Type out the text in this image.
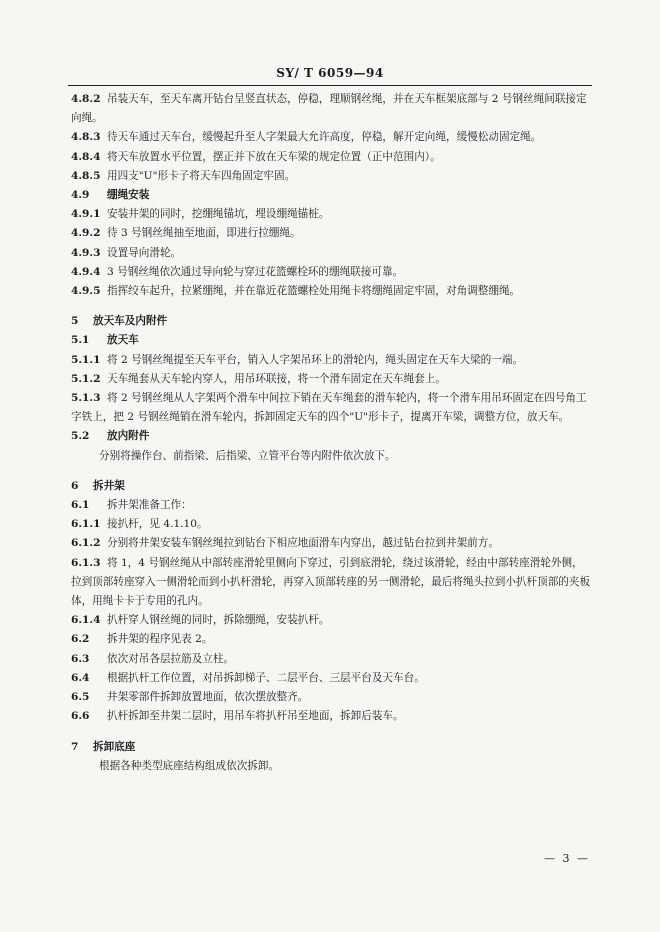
SY/ T 6059—94

4.8.2 吊装天车，至天车离开钻台呈竖直状态，停稳，理顺钢丝绳，并在天车框架底部与 2 号钢丝绳间联接定向绳。

4.8.3 待天车通过天车台，缓慢起升至人字架最大允许高度，停稳，解开定向绳，缓慢松动固定绳。

4.8.4 将天车放置水平位置，摆正并下放在天车梁的规定位置（正中范围内）。

4.8.5 用四支"U"形卡子将天车四角固定牢固。

4.9 绷绳安装

4.9.1 安装井架的同时，挖绷绳锚坑，埋设绷绳锚桩。

4.9.2 待 3 号钢丝绳抽至地面，即进行拉绷绳。

4.9.3 设置导向滑轮。

4.9.4 3 号钢丝绳依次通过导向轮与穿过花篮螺栓环的绷绳联接可靠。

4.9.5 指挥绞车起升，拉紧绷绳，并在靠近花篮螺栓处用绳卡将绷绳固定牢固，对角调整绷绳。

5 放天车及内附件

5.1 放天车

5.1.1 将 2 号钢丝绳提至天车平台，销入人字架吊环上的滑轮内，绳头固定在天车大梁的一端。

5.1.2 天车绳套从天车轮内穿人，用吊环联接，将一个滑车固定在天车绳套上。

5.1.3 将 2 号钢丝绳从人字架两个滑车中间拉下销在天车绳套的滑车轮内，将一个滑车用吊环固定在四号角工字铁上，把 2 号钢丝绳销在滑车轮内，拆卸固定天车的四个"U"形卡子，提离开车梁，调整方位，放天车。

5.2 放内附件

分别将操作台、前指梁、后指梁、立管平台等内附件依次放下。

6 拆井架

6.1 拆井架准备工作：

6.1.1 接扒杆，见 4.1.10。

6.1.2 分别将井架安装车钢丝绳拉到钻台下相应地面滑车内穿出，越过钻台拉到井架前方。

6.1.3 将 1，4 号钢丝绳从中部转座滑轮里侧向下穿过，引到底滑轮，绕过该滑轮，经由中部转座滑轮外侧，拉到顶部转座穿入一侧滑轮而到小扒杆滑轮，再穿入顶部转座的另一侧滑轮，最后将绳头拉到小扒杆顶部的夹板体，用绳卡卡于专用的孔内。

6.1.4 扒杆穿人钢丝绳的同时，拆除绷绳，安装扒杆。

6.2 拆井架的程序见表 2。

6.3 依次对吊各层拉筋及立柱。

6.4 根据扒杆工作位置，对吊拆卸梯子、二层平台、三层平台及天车台。

6.5 井架零部件拆卸放置地面，依次摆放整齐。

6.6 扒杆拆卸至井架二层时，用吊车将扒杆吊至地面，拆卸后装车。

7 拆卸底座

根据各种类型底座结构组成依次拆卸。

— 3 —
